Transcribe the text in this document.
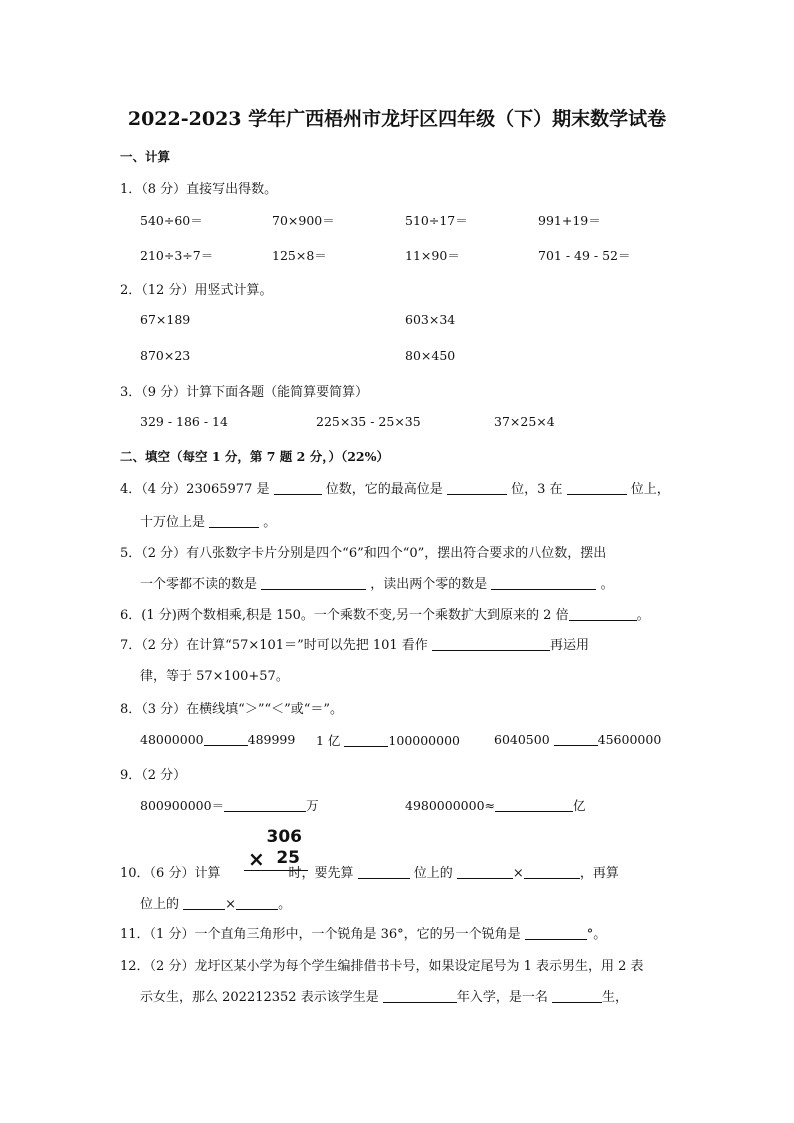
2022-2023 学年广西梧州市龙圩区四年级（下）期末数学试卷
一、计算
1．（8 分）直接写出得数。
540÷60＝	70×900＝	510÷17＝	991+19＝
210÷3÷7＝	125×8＝	11×90＝	701 - 49 - 52＝
2．（12 分）用竖式计算。
67×189	603×34
870×23	80×450
3．（9 分）计算下面各题（能简算要简算）
329 - 186 - 14	225×35 - 25×35	37×25×4
二、填空（每空 1 分，第 7 题 2 分，）（22%）
4．（4 分）23065977 是	位数，它的最高位是	位，3 在	位上，
十万位上是	。
5．（2 分）有八张数字卡片分别是四个“6”和四个“0”，摆出符合要求的八位数，摆出
一个零都不读的数是	，读出两个零的数是	。
6．(1 分)两个数相乘,积是 150。一个乘数不变,另一个乘数扩大到原来的 2 倍	。
7．（2 分）在计算“57×101＝”时可以先把 101 看作	再运用
律，等于 57×100+57。
8．（3 分）在横线填“＞”“＜”或“＝”。
48000000	489999 1 亿	100000000	6040500	45600000
9．（2 分）
800900000＝	万	4980000000≈	亿
306
× 25
10．（6 分）计算	时，要先算	位上的	×	，再算
位上的	×	。
11．（1 分）一个直角三角形中，一个锐角是 36°，它的另一个锐角是	°。
12．（2 分）龙圩区某小学为每个学生编排借书卡号，如果设定尾号为 1 表示男生，用 2 表
示女生，那么 202212352 表示该学生是	年入学，是一名	生，
